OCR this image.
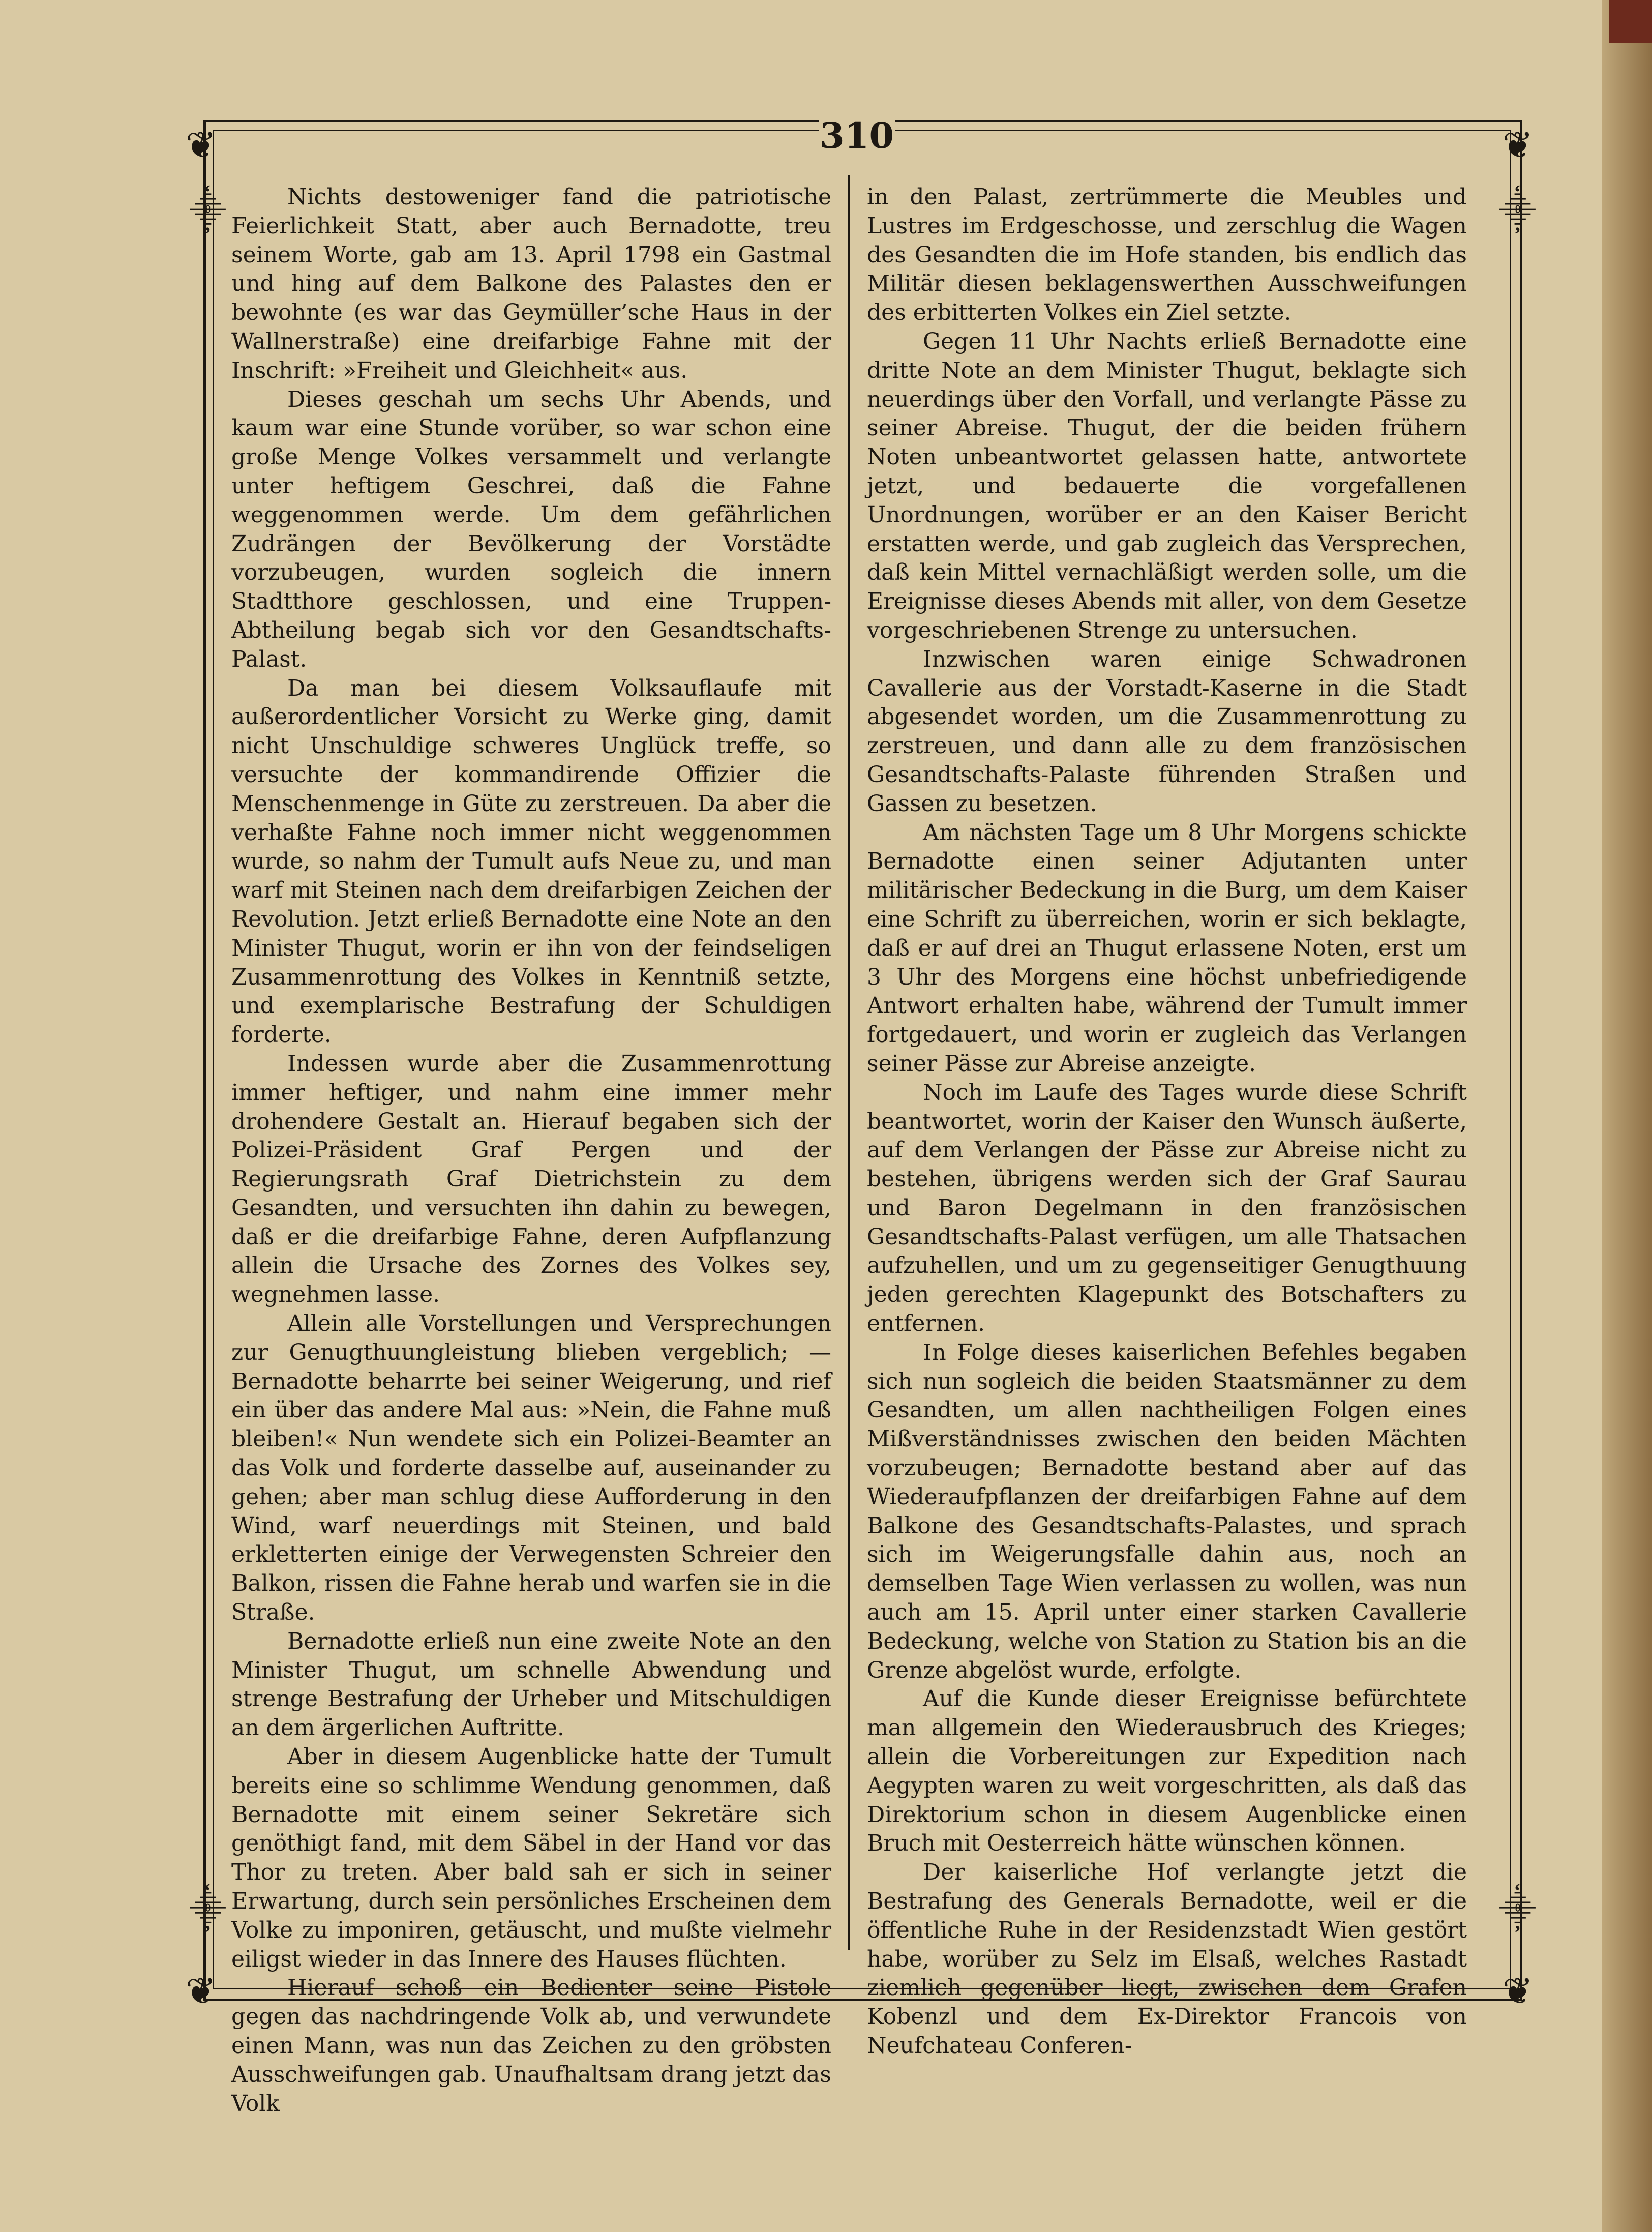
❦	❦
❦	❦
⸎	⸎
⸎	⸎
310

Nichts destoweniger fand die patriotische Feierlichkeit Statt, aber auch Bernadotte, treu seinem Worte, gab am 13. April 1798 ein Gastmal und hing auf dem Balkone des Palastes den er bewohnte (es war das Geymüller’sche Haus in der Wallnerstraße) eine dreifarbige Fahne mit der Inschrift: »Freiheit und Gleichheit« aus.

Dieses geschah um sechs Uhr Abends, und kaum war eine Stunde vorüber, so war schon eine große Menge Volkes versammelt und verlangte unter heftigem Geschrei, daß die Fahne weggenommen werde. Um dem gefährlichen Zudrängen der Bevölkerung der Vorstädte vorzubeugen, wurden sogleich die innern Stadtthore geschlossen, und eine Truppen-Abtheilung begab sich vor den Gesandtschafts-Palast.

Da man bei diesem Volksauflaufe mit außerordentlicher Vorsicht zu Werke ging, damit nicht Unschuldige schweres Unglück treffe, so versuchte der kommandirende Offizier die Menschenmenge in Güte zu zerstreuen. Da aber die verhaßte Fahne noch immer nicht weggenommen wurde, so nahm der Tumult aufs Neue zu, und man warf mit Steinen nach dem dreifarbigen Zeichen der Revolution. Jetzt erließ Bernadotte eine Note an den Minister Thugut, worin er ihn von der feindseligen Zusammenrottung des Volkes in Kenntniß setzte, und exemplarische Bestrafung der Schuldigen forderte.

Indessen wurde aber die Zusammenrottung immer heftiger, und nahm eine immer mehr drohendere Gestalt an. Hierauf begaben sich der Polizei-Präsident Graf Pergen und der Regierungsrath Graf Dietrichstein zu dem Gesandten, und versuchten ihn dahin zu bewegen, daß er die dreifarbige Fahne, deren Aufpflanzung allein die Ursache des Zornes des Volkes sey, wegnehmen lasse.

Allein alle Vorstellungen und Versprechungen zur Genugthuungleistung blieben vergeblich; — Bernadotte beharrte bei seiner Weigerung, und rief ein über das andere Mal aus: »Nein, die Fahne muß bleiben!« Nun wendete sich ein Polizei-Beamter an das Volk und forderte dasselbe auf, auseinander zu gehen; aber man schlug diese Aufforderung in den Wind, warf neuerdings mit Steinen, und bald erkletterten einige der Verwegensten Schreier den Balkon, rissen die Fahne herab und warfen sie in die Straße.

Bernadotte erließ nun eine zweite Note an den Minister Thugut, um schnelle Abwendung und strenge Bestrafung der Urheber und Mitschuldigen an dem ärgerlichen Auftritte.

Aber in diesem Augenblicke hatte der Tumult bereits eine so schlimme Wendung genommen, daß Bernadotte mit einem seiner Sekretäre sich genöthigt fand, mit dem Säbel in der Hand vor das Thor zu treten. Aber bald sah er sich in seiner Erwartung, durch sein persönliches Erscheinen dem Volke zu imponiren, getäuscht, und mußte vielmehr eiligst wieder in das Innere des Hauses flüchten.

Hierauf schoß ein Bedienter seine Pistole gegen das nachdringende Volk ab, und verwundete einen Mann, was nun das Zeichen zu den gröbsten Ausschweifungen gab. Unaufhaltsam drang jetzt das Volk

in den Palast, zertrümmerte die Meubles und Lustres im Erdgeschosse, und zerschlug die Wagen des Gesandten die im Hofe standen, bis endlich das Militär diesen beklagenswerthen Ausschweifungen des erbitterten Volkes ein Ziel setzte.

Gegen 11 Uhr Nachts erließ Bernadotte eine dritte Note an dem Minister Thugut, beklagte sich neuerdings über den Vorfall, und verlangte Pässe zu seiner Abreise. Thugut, der die beiden frühern Noten unbeantwortet gelassen hatte, antwortete jetzt, und bedauerte die vorgefallenen Unordnungen, worüber er an den Kaiser Bericht erstatten werde, und gab zugleich das Versprechen, daß kein Mittel vernachläßigt werden solle, um die Ereignisse dieses Abends mit aller, von dem Gesetze vorgeschriebenen Strenge zu untersuchen.

Inzwischen waren einige Schwadronen Cavallerie aus der Vorstadt-Kaserne in die Stadt abgesendet worden, um die Zusammenrottung zu zerstreuen, und dann alle zu dem französischen Gesandtschafts-Palaste führenden Straßen und Gassen zu besetzen.

Am nächsten Tage um 8 Uhr Morgens schickte Bernadotte einen seiner Adjutanten unter militärischer Bedeckung in die Burg, um dem Kaiser eine Schrift zu überreichen, worin er sich beklagte, daß er auf drei an Thugut erlassene Noten, erst um 3 Uhr des Morgens eine höchst unbefriedigende Antwort erhalten habe, während der Tumult immer fortgedauert, und worin er zugleich das Verlangen seiner Pässe zur Abreise anzeigte.

Noch im Laufe des Tages wurde diese Schrift beantwortet, worin der Kaiser den Wunsch äußerte, auf dem Verlangen der Pässe zur Abreise nicht zu bestehen, übrigens werden sich der Graf Saurau und Baron Degelmann in den französischen Gesandtschafts-Palast verfügen, um alle Thatsachen aufzuhellen, und um zu gegenseitiger Genugthuung jeden gerechten Klagepunkt des Botschafters zu entfernen.

In Folge dieses kaiserlichen Befehles begaben sich nun sogleich die beiden Staatsmänner zu dem Gesandten, um allen nachtheiligen Folgen eines Mißverständnisses zwischen den beiden Mächten vorzubeugen; Bernadotte bestand aber auf das Wiederaufpflanzen der dreifarbigen Fahne auf dem Balkone des Gesandtschafts-Palastes, und sprach sich im Weigerungsfalle dahin aus, noch an demselben Tage Wien verlassen zu wollen, was nun auch am 15. April unter einer starken Cavallerie Bedeckung, welche von Station zu Station bis an die Grenze abgelöst wurde, erfolgte.

Auf die Kunde dieser Ereignisse befürchtete man allgemein den Wiederausbruch des Krieges; allein die Vorbereitungen zur Expedition nach Aegypten waren zu weit vorgeschritten, als daß das Direktorium schon in diesem Augenblicke einen Bruch mit Oesterreich hätte wünschen können.

Der kaiserliche Hof verlangte jetzt die Bestrafung des Generals Bernadotte, weil er die öffentliche Ruhe in der Residenzstadt Wien gestört habe, worüber zu Selz im Elsaß, welches Rastadt ziemlich gegenüber liegt, zwischen dem Grafen Kobenzl und dem Ex-Direktor Francois von Neufchateau Conferen-
